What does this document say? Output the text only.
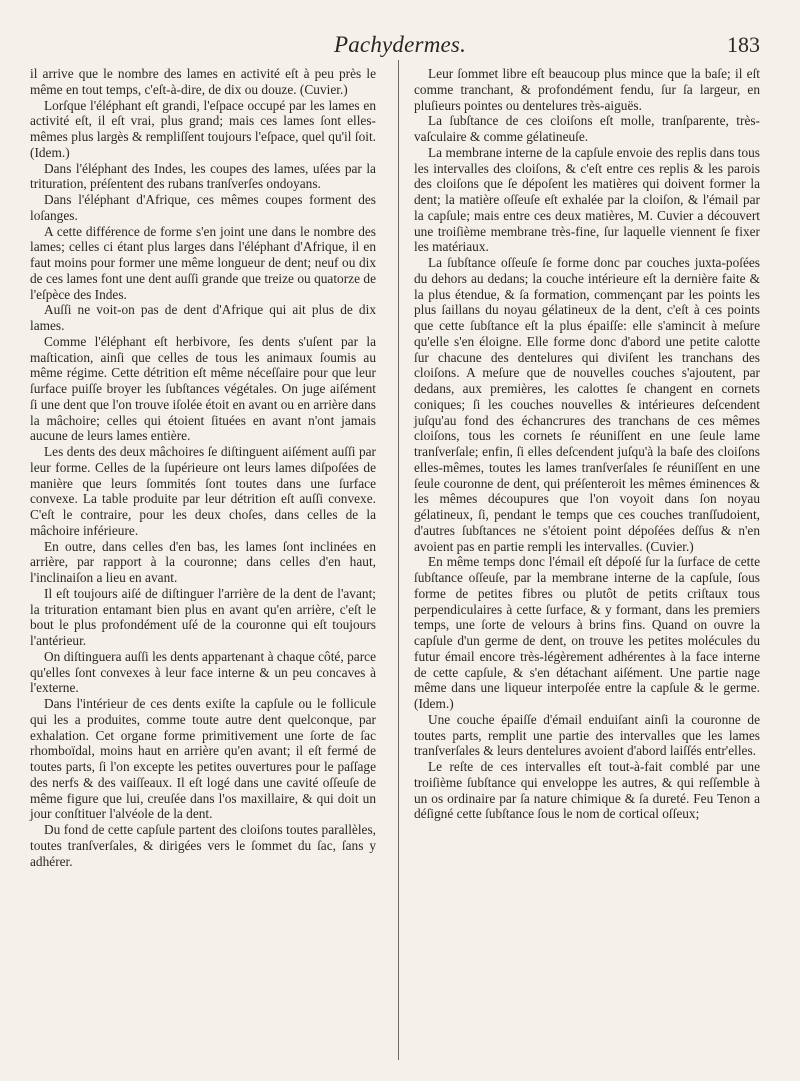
Pachydermes.	183

il arrive que le nombre des lames en activité eſt à peu près le même en tout temps, c'eſt-à-dire, de dix ou douze. (Cuvier.)

Lorſque l'éléphant eſt grandi, l'eſpace occupé par les lames en activité eſt, il eſt vrai, plus grand; mais ces lames ſont elles-mêmes plus largès & rempliſſent toujours l'eſpace, quel qu'il ſoit. (Idem.)

Dans l'éléphant des Indes, les coupes des lames, uſées par la trituration, préſentent des rubans tranſverſes ondoyans.

Dans l'éléphant d'Afrique, ces mêmes coupes forment des loſanges.

A cette différence de forme s'en joint une dans le nombre des lames; celles ci étant plus larges dans l'éléphant d'Afrique, il en faut moins pour former une même longueur de dent; neuf ou dix de ces lames font une dent auſſi grande que treize ou quatorze de l'eſpèce des Indes.

Auſſi ne voit-on pas de dent d'Afrique qui ait plus de dix lames.

Comme l'éléphant eſt herbivore, ſes dents s'uſent par la maſtication, ainſi que celles de tous les animaux ſoumis au même régime. Cette détrition eſt même néceſſaire pour que leur ſurface puiſſe broyer les ſubſtances végétales. On juge aiſément ſi une dent que l'on trouve iſolée étoit en avant ou en arrière dans la mâchoire; celles qui étoient ſituées en avant n'ont jamais aucune de leurs lames entière.

Les dents des deux mâchoires ſe diſtinguent aiſément auſſi par leur forme. Celles de la ſupérieure ont leurs lames diſpoſées de manière que leurs ſommités ſont toutes dans une ſurface convexe. La table produite par leur détrition eſt auſſi convexe. C'eſt le contraire, pour les deux choſes, dans celles de la mâchoire inférieure.

En outre, dans celles d'en bas, les lames ſont inclinées en arrière, par rapport à la couronne; dans celles d'en haut, l'inclinaiſon a lieu en avant.

Il eſt toujours aiſé de diſtinguer l'arrière de la dent de l'avant; la trituration entamant bien plus en avant qu'en arrière, c'eſt le bout le plus profondément uſé de la couronne qui eſt toujours l'antérieur.

On diſtinguera auſſi les dents appartenant à chaque côté, parce qu'elles ſont convexes à leur face interne & un peu concaves à l'externe.

Dans l'intérieur de ces dents exiſte la capſule ou le follicule qui les a produites, comme toute autre dent quelconque, par exhalation. Cet organe forme primitivement une ſorte de ſac rhomboïdal, moins haut en arrière qu'en avant; il eſt fermé de toutes parts, ſi l'on excepte les petites ouvertures pour le paſſage des nerfs & des vaiſſeaux. Il eſt logé dans une cavité oſſeuſe de même figure que lui, creuſée dans l'os maxillaire, & qui doit un jour conſtituer l'alvéole de la dent.

Du fond de cette capſule partent des cloiſons toutes parallèles, toutes tranſverſales, & dirigées vers le ſommet du ſac, ſans y adhérer.

Leur ſommet libre eſt beaucoup plus mince que la baſe; il eſt comme tranchant, & profondément fendu, ſur ſa largeur, en pluſieurs pointes ou dentelures très-aiguës.

La ſubſtance de ces cloiſons eſt molle, tranſparente, très-vaſculaire & comme gélatineuſe.

La membrane interne de la capſule envoie des replis dans tous les intervalles des cloiſons, & c'eſt entre ces replis & les parois des cloiſons que ſe dépoſent les matières qui doivent former la dent; la matière oſſeuſe eſt exhalée par la cloiſon, & l'émail par la capſule; mais entre ces deux matières, M. Cuvier a découvert une troiſième membrane très-fine, ſur laquelle viennent ſe fixer les matériaux.

La ſubſtance oſſeuſe ſe forme donc par couches juxta-poſées du dehors au dedans; la couche intérieure eſt la dernière faite & la plus étendue, & ſa formation, commençant par les points les plus ſaillans du noyau gélatineux de la dent, c'eſt à ces points que cette ſubſtance eſt la plus épaiſſe: elle s'amincit à meſure qu'elle s'en éloigne. Elle forme donc d'abord une petite calotte ſur chacune des dentelures qui diviſent les tranchans des cloiſons. A meſure que de nouvelles couches s'ajoutent, par dedans, aux premières, les calottes ſe changent en cornets coniques; ſi les couches nouvelles & intérieures deſcendent juſqu'au fond des échancrures des tranchans de ces mêmes cloiſons, tous les cornets ſe réuniſſent en une ſeule lame tranſverſale; enfin, ſi elles deſcendent juſqu'à la baſe des cloiſons elles-mêmes, toutes les lames tranſverſales ſe réuniſſent en une ſeule couronne de dent, qui préſenteroit les mêmes éminences & les mêmes découpures que l'on voyoit dans ſon noyau gélatineux, ſi, pendant le temps que ces couches tranſſudoient, d'autres ſubſtances ne s'étoient point dépoſées deſſus & n'en avoient pas en partie rempli les intervalles. (Cuvier.)

En même temps donc l'émail eſt dépoſé ſur la ſurface de cette ſubſtance oſſeuſe, par la membrane interne de la capſule, ſous forme de petites fibres ou plutôt de petits criſtaux tous perpendiculaires à cette ſurface, & y formant, dans les premiers temps, une ſorte de velours à brins fins. Quand on ouvre la capſule d'un germe de dent, on trouve les petites molécules du futur émail encore très-légèrement adhérentes à la face interne de cette capſule, & s'en détachant aiſément. Une partie nage même dans une liqueur interpoſée entre la capſule & le germe. (Idem.)

Une couche épaiſſe d'émail enduiſant ainſi la couronne de toutes parts, remplit une partie des intervalles que les lames tranſverſales & leurs dentelures avoient d'abord laiſſés entr'elles.

Le reſte de ces intervalles eſt tout-à-fait comblé par une troiſième ſubſtance qui enveloppe les autres, & qui reſſemble à un os ordinaire par ſa nature chimique & ſa dureté. Feu Tenon a déſigné cette ſubſtance ſous le nom de cortical oſſeux;
